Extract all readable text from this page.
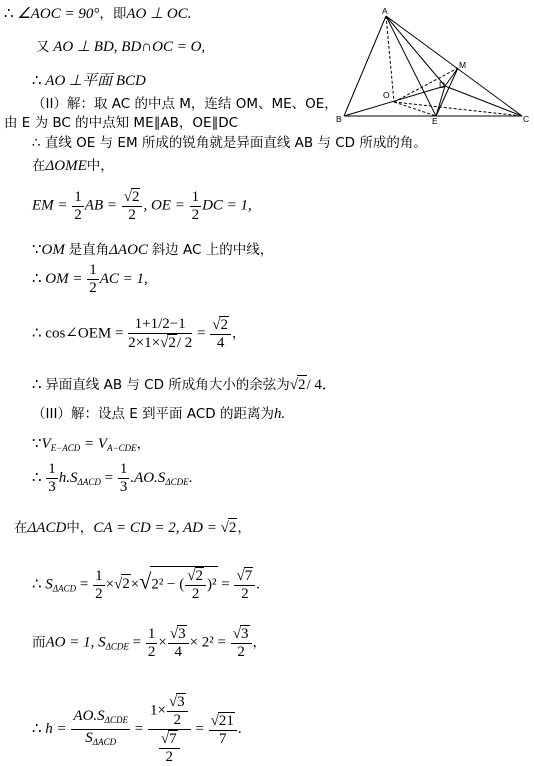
A
B	C
D
E
M
O
∴ ∠AOC = 90°，即AO ⊥ OC.
又 AO ⊥ BD, BD∩OC = O,
∴ AO ⊥平面 BCD
（II）解：取 AC 的中点 M，连结 OM、ME、OE，
由 E 为 BC 的中点知 ME∥AB，OE∥DC
∴ 直线 OE 与 EM 所成的锐角就是异面直线 AB 与 CD 所成的角。
在ΔOME中，
EM = $\frac{1}{2}$ AB = $\frac{√2}{2}$ , OE = $\frac{1}{2}$ DC = 1,
∵OM 是直角ΔAOC 斜边 AC 上的中线，
∴ OM = $\frac{1}{2}$ AC = 1,
∴ cos∠OEM = $\frac{1+1/2-1}{2\times 1\times√2/ 2} = \frac{√2}{4}$ ，
∴ 异面直线 AB 与 CD 所成角大小的余弦为√2/ 4．
（III）解：设点 E 到平面 ACD 的距离为h.
$\because V_{E-ACD} = V_{A-CDE}$，
∴ $\frac{1}{3} h.S_{\Delta ACD} = \frac{1}{3} .AO.S_{\Delta CDE}$.
在ΔACD中，CA = CD = 2, AD = √2，
∴ $S_{\Delta ACD} = \frac{1}{2} \times√2\times√2^2$ − ( $\frac{√2}{2} )^2 = \frac{√7}{2}$ .
而AO = 1, $S_{\Delta CDE} = \frac{1}{2} \times \frac{√3}{4} \times 2^2 = \frac{√3}{2}$ ，
∴ $h = \frac{AO.S_{\Delta CDE}}{S_{\Delta ACD}} = \frac{1\times \frac{√3}{2}}{\frac{√7}{2}} = \frac{√21}{7}$ .
